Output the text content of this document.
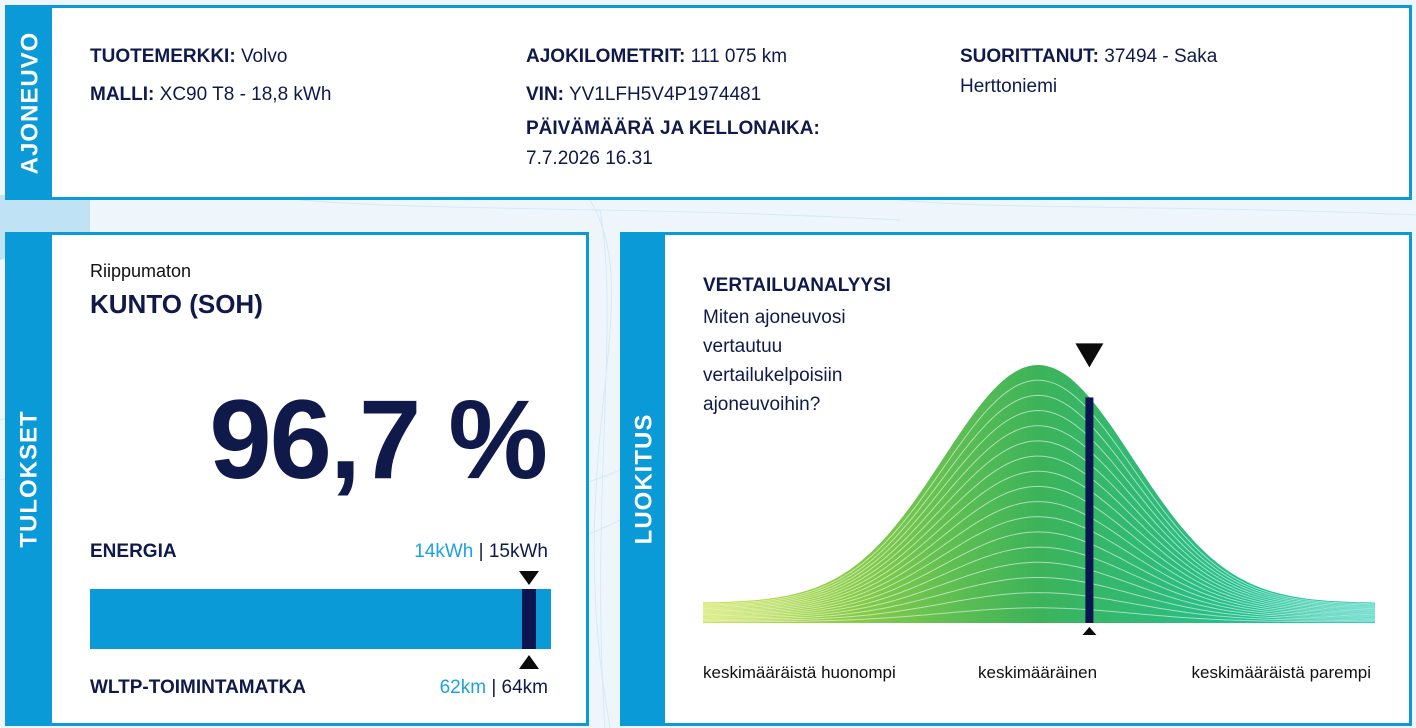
AJONEUVO TUOTEMERKKI: Volvo
MALLI: XC90 T8 - 18,8 kWh
AJOKILOMETRIT: 111 075 km
VIN: YV1LFH5V4P1974481
PÄIVÄMÄÄRÄ JA KELLONAIKA:
7.7.2026 16.31
SUORITTANUT: 37494 - Saka Herttoniemi
TULOKSET
Riippumaton
KUNTO (SOH)
96,7 %
ENERGIA	14kWh | 15kWh
WLTP-TOIMINTAMATKA	62km | 64km
LUOKITUS
VERTAILUANALYYSI
Miten ajoneuvosi vertautuu vertailukelpoisiin ajoneuvoihin?
keskimääräistä huonompi	keskimääräinen	keskimääräistä parempi
